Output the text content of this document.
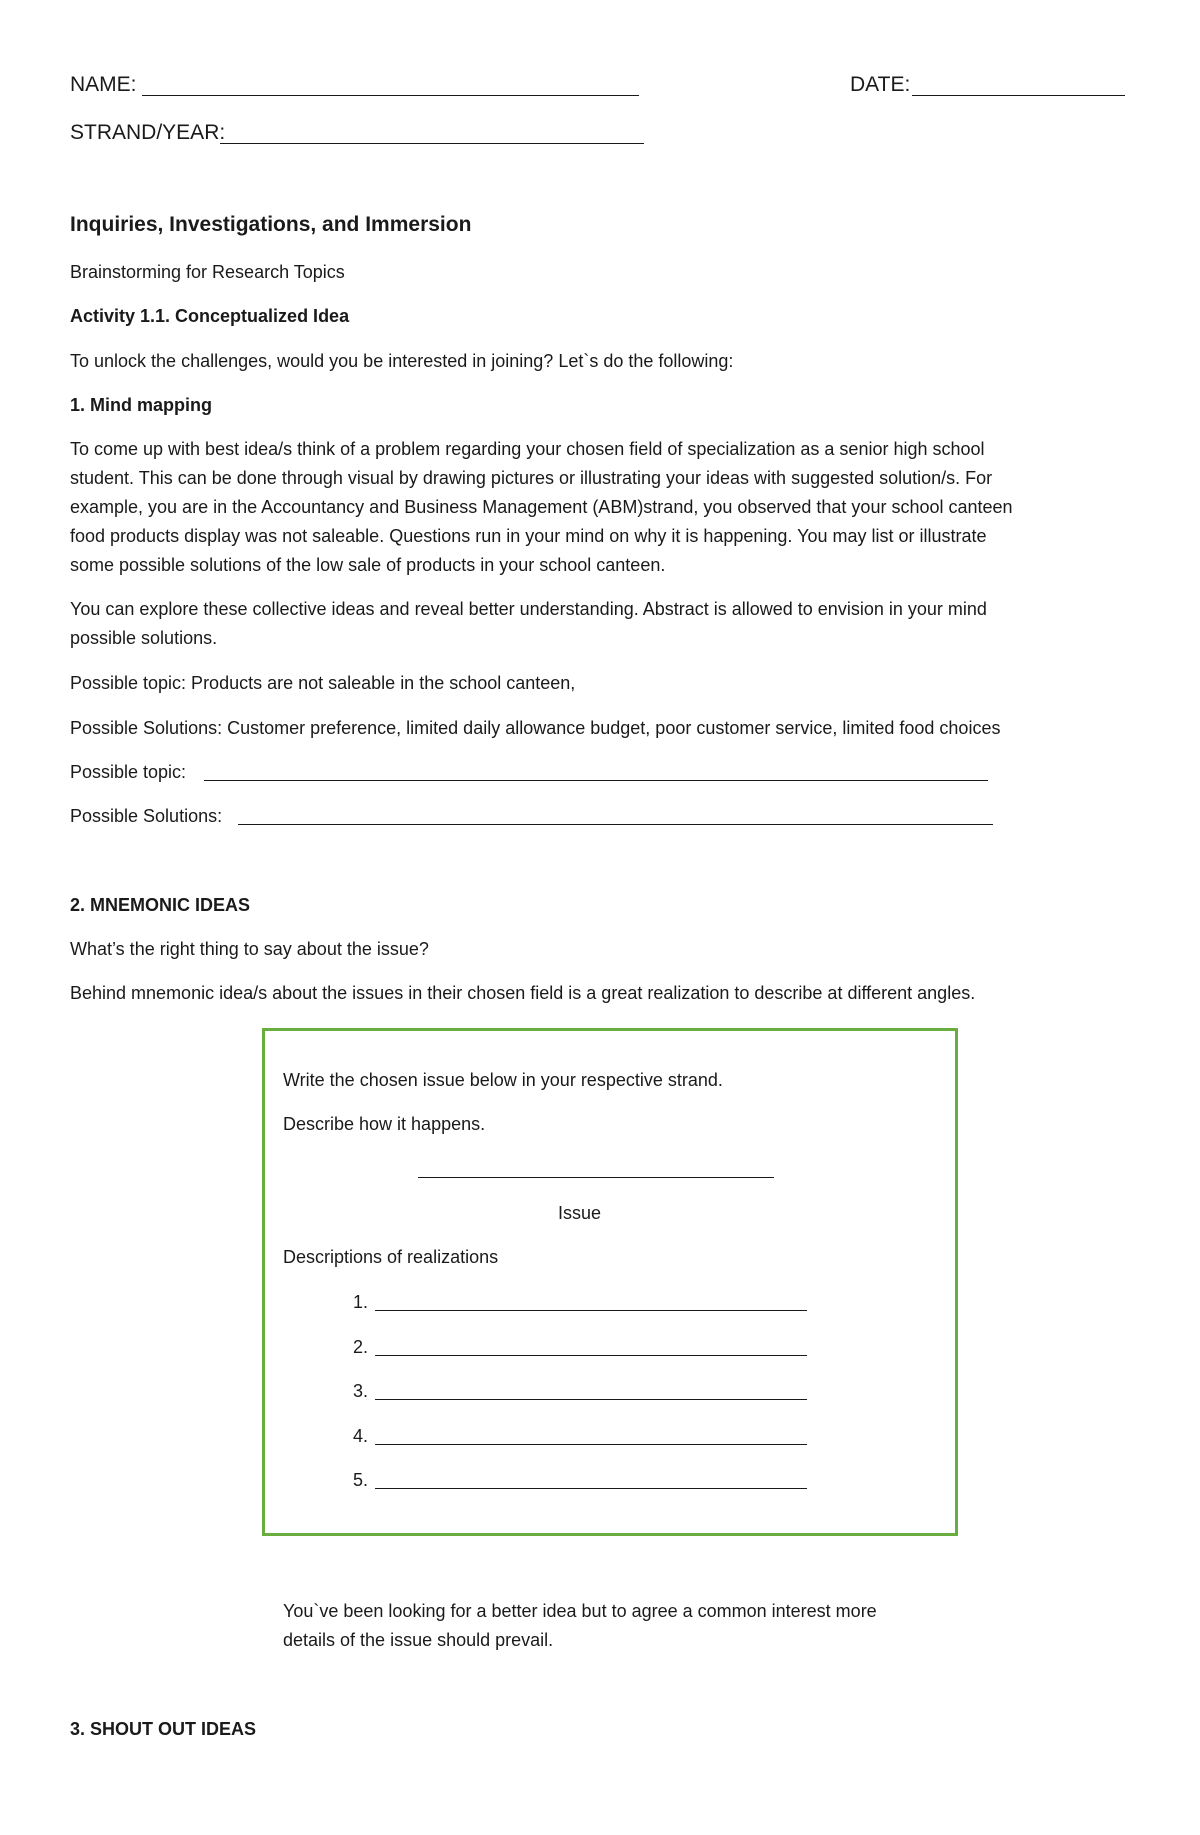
NAME:	DATE:
STRAND/YEAR:
Inquiries, Investigations, and Immersion
Brainstorming for Research Topics
Activity 1.1. Conceptualized Idea
To unlock the challenges, would you be interested in joining? Let`s do the following:
1. Mind mapping
To come up with best idea/s think of a problem regarding your chosen field of specialization as a senior high school
student. This can be done through visual by drawing pictures or illustrating your ideas with suggested solution/s. For
example, you are in the Accountancy and Business Management (ABM)strand, you observed that your school canteen
food products display was not saleable. Questions run in your mind on why it is happening. You may list or illustrate
some possible solutions of the low sale of products in your school canteen.
You can explore these collective ideas and reveal better understanding. Abstract is allowed to envision in your mind
possible solutions.
Possible topic: Products are not saleable in the school canteen,
Possible Solutions: Customer preference, limited daily allowance budget, poor customer service, limited food choices
Possible topic:
Possible Solutions:
2. MNEMONIC IDEAS
What’s the right thing to say about the issue?
Behind mnemonic idea/s about the issues in their chosen field is a great realization to describe at different angles.
Write the chosen issue below in your respective strand.
Describe how it happens.
Issue
Descriptions of realizations
1.
2.
3.
4.
5.
You`ve been looking for a better idea but to agree a common interest more
details of the issue should prevail.
3. SHOUT OUT IDEAS
